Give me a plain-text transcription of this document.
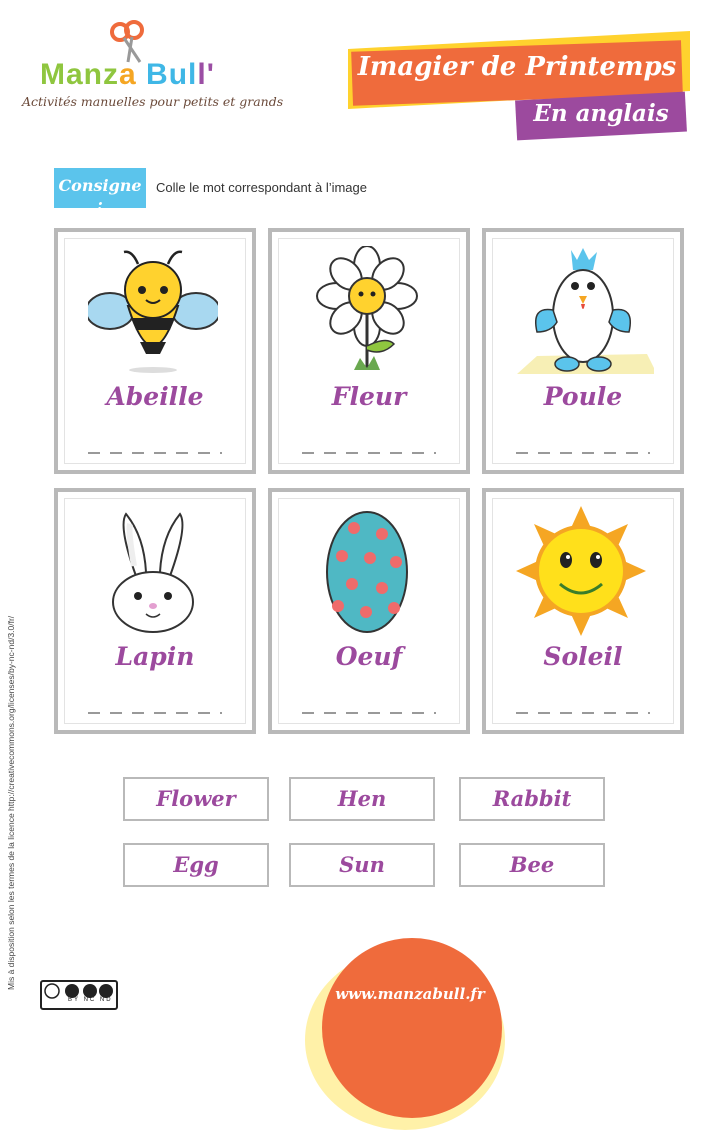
Manza Bull'
Activités manuelles pour petits et grands
Imagier de Printemps
En anglais
Consigne :
Colle le mot correspondant à l’image
Abeille	Fleur	Poule
Lapin	Oeuf	Soleil
Flower	Hen	Rabbit
Egg	Sun	Bee
www.manzabull.fr
Mis à disposition selon les termes de la licence http://creativecommons.org/licenses/by-nc-nd/3.0/fr/
BY NC ND
